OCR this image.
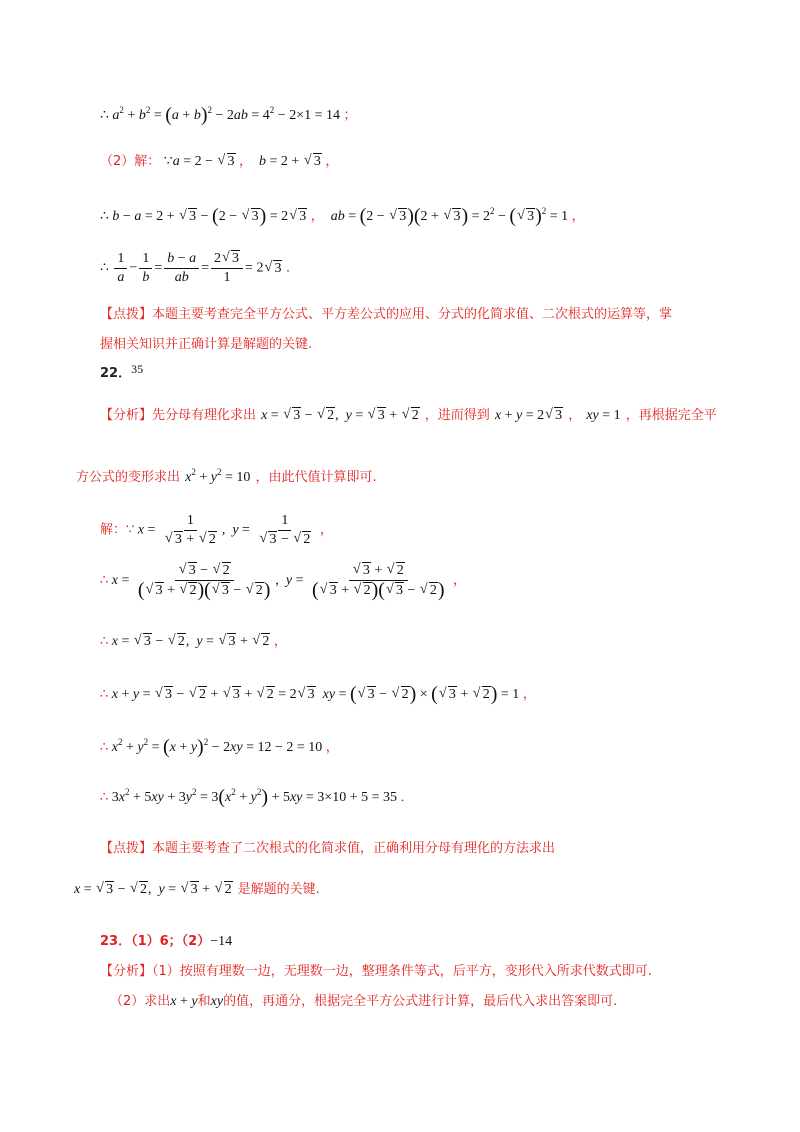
∴ $a^2 + b^2 = (a + b)^2 - 2ab = 4^2 - 2\times 1 = 14$ ；
（2）解： ∵a = 2 − √ 3 ， b = 2 + √ 3 ，
∴ b − a = 2 + √ 3 − (2 − √ 3) = 2√ 3 ， ab = (2 − √ 3)(2 + √ $3) = 2^2$ − (√ 3)$^2$ = 1 ，
∴ $\frac{1}{a} - \frac{1}{b} = \frac{b - a}{ab} = \frac{2√ 3}{1} = 2√$ 3 ．
【点拨】本题主要考查完全平方公式、平方差公式的应用、分式的化简求值、二次根式的运算等，掌
握相关知识并正确计算是解题的关键.
22．35
【分析】先分母有理化求出 x = √ 3 − √ 2,  y = √ 3 + √ 2 ，进而得到 x + y = 2√ 3 ， xy = 1 ，再根据完全平
方公式的变形求出 $x^2 + y^2 = 10$ ，由此代值计算即可.
解：∵ x = 1
√ 3 + √ 2 ,  y = 1
√ 3 − √ 2 ，
∴ x =
√ $\frac{3 - √ 2}{(√ 3 + √ 2)(√ 3 - √ 2)}$ ,  y =
√ $\frac{3 + √ 2}{(√ 3 + √ 2)(√ 3 - √ 2)}$ ，
∴ x = √ 3 − √ 2,  y = √ 3 + √ 2 ，
∴ x + y = √ 3 − √ 2 + √ 3 + √ 2 = 2√ 3 xy = (√ 3 − √ 2) × (√ 3 + √ 2) = 1 ，
∴ $x^2 + y^2 = (x + y)^2 - 2xy = 12 - 2 = 10$ ，
∴ $3x^2 + 5xy + 3y^2 = 3(x^2 + y^2) + 5xy = 3\times 10 + 5 = 35$ ．
【点拨】本题主要考查了二次根式的化简求值，正确利用分母有理化的方法求出
x = √ 3 − √ 2,  y = √ 3 + √ 2 是解题的关键.
23．（1）6；（2）−14
【分析】（1）按照有理数一边，无理数一边，整理条件等式，后平方，变形代入所求代数式即可.
（2）求出x + y和xy的值，再通分，根据完全平方公式进行计算，最后代入求出答案即可.
